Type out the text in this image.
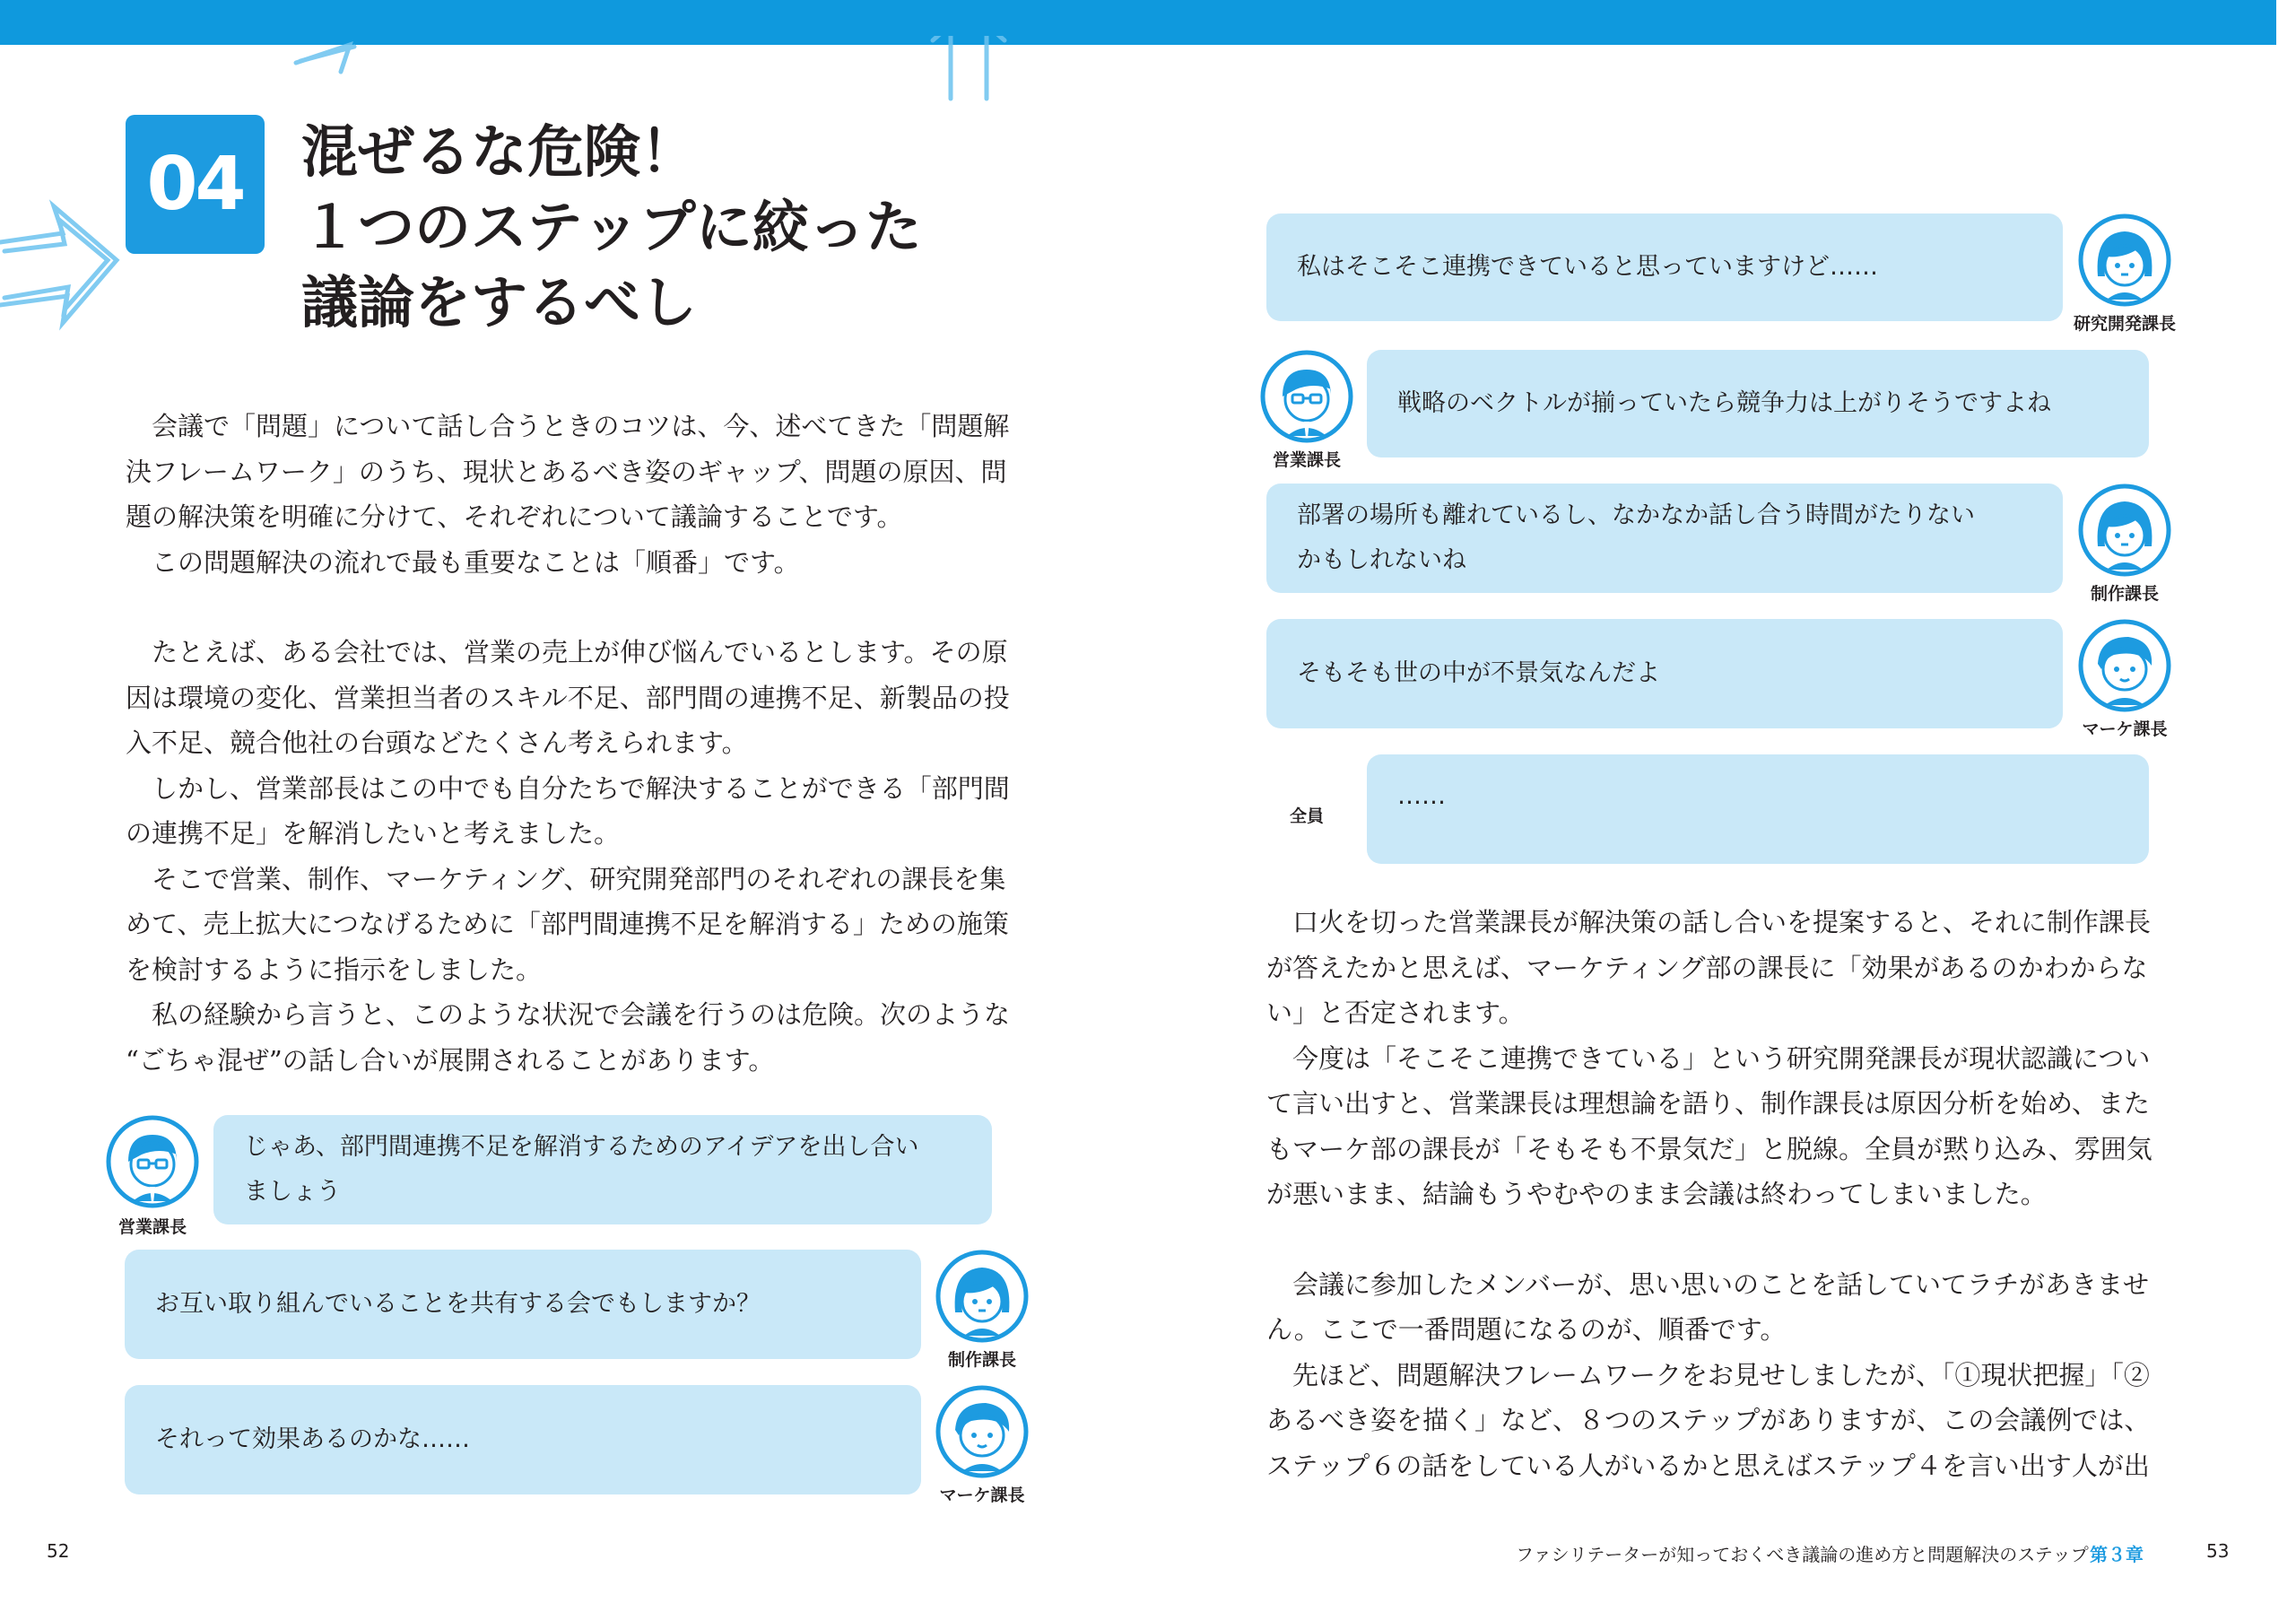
04	混ぜるな危険！
１つのステップに絞った
議論をするべし

　会議で「問題」について話し合うときのコツは、今、述べてきた「問題解

決フレームワーク」のうち、現状とあるべき姿のギャップ、問題の原因、問

題の解決策を明確に分けて、それぞれについて議論することです。

　この問題解決の流れで最も重要なことは「順番」です。

　たとえば、ある会社では、営業の売上が伸び悩んでいるとします。その原

因は環境の変化、営業担当者のスキル不足、部門間の連携不足、新製品の投

入不足、競合他社の台頭などたくさん考えられます。

　しかし、営業部長はこの中でも自分たちで解決することができる「部門間

の連携不足」を解消したいと考えました。

　そこで営業、制作、マーケティング、研究開発部門のそれぞれの課長を集

めて、売上拡大につなげるために「部門間連携不足を解消する」ための施策

を検討するように指示をしました。

　私の経験から言うと、このような状況で会議を行うのは危険。次のような

“ごちゃ混ぜ”の話し合いが展開されることがあります。

営業課長
じゃあ、部門間連携不足を解消するためのアイデアを出し合い
ましょう
お互い取り組んでいることを共有する会でもしますか？
制作課長
それって効果あるのかな……
マーケ課長
私はそこそこ連携できていると思っていますけど……
研究開発課長
営業課長
戦略のベクトルが揃っていたら競争力は上がりそうですよね
部署の場所も離れているし、なかなか話し合う時間がたりない
かもしれないね
制作課長
そもそも世の中が不景気なんだよ
マーケ課長
全員
……

　口火を切った営業課長が解決策の話し合いを提案すると、それに制作課長

が答えたかと思えば、マーケティング部の課長に「効果があるのかわからな

い」と否定されます。

　今度は「そこそこ連携できている」という研究開発課長が現状認識につい

て言い出すと、営業課長は理想論を語り、制作課長は原因分析を始め、また

もマーケ部の課長が「そもそも不景気だ」と脱線。全員が黙り込み、雰囲気

が悪いまま、結論もうやむやのまま会議は終わってしまいました。

　会議に参加したメンバーが、思い思いのことを話していてラチがあきませ

ん。ここで一番問題になるのが、順番です。

　先ほど、問題解決フレームワークをお見せしましたが、「①現状把握」「②

あるべき姿を描く」など、８つのステップがありますが、この会議例では、

ステップ６の話をしている人がいるかと思えばステップ４を言い出す人が出

52	ファシリテーターが知っておくべき議論の進め方と問題解決のステップ 第３章	53
